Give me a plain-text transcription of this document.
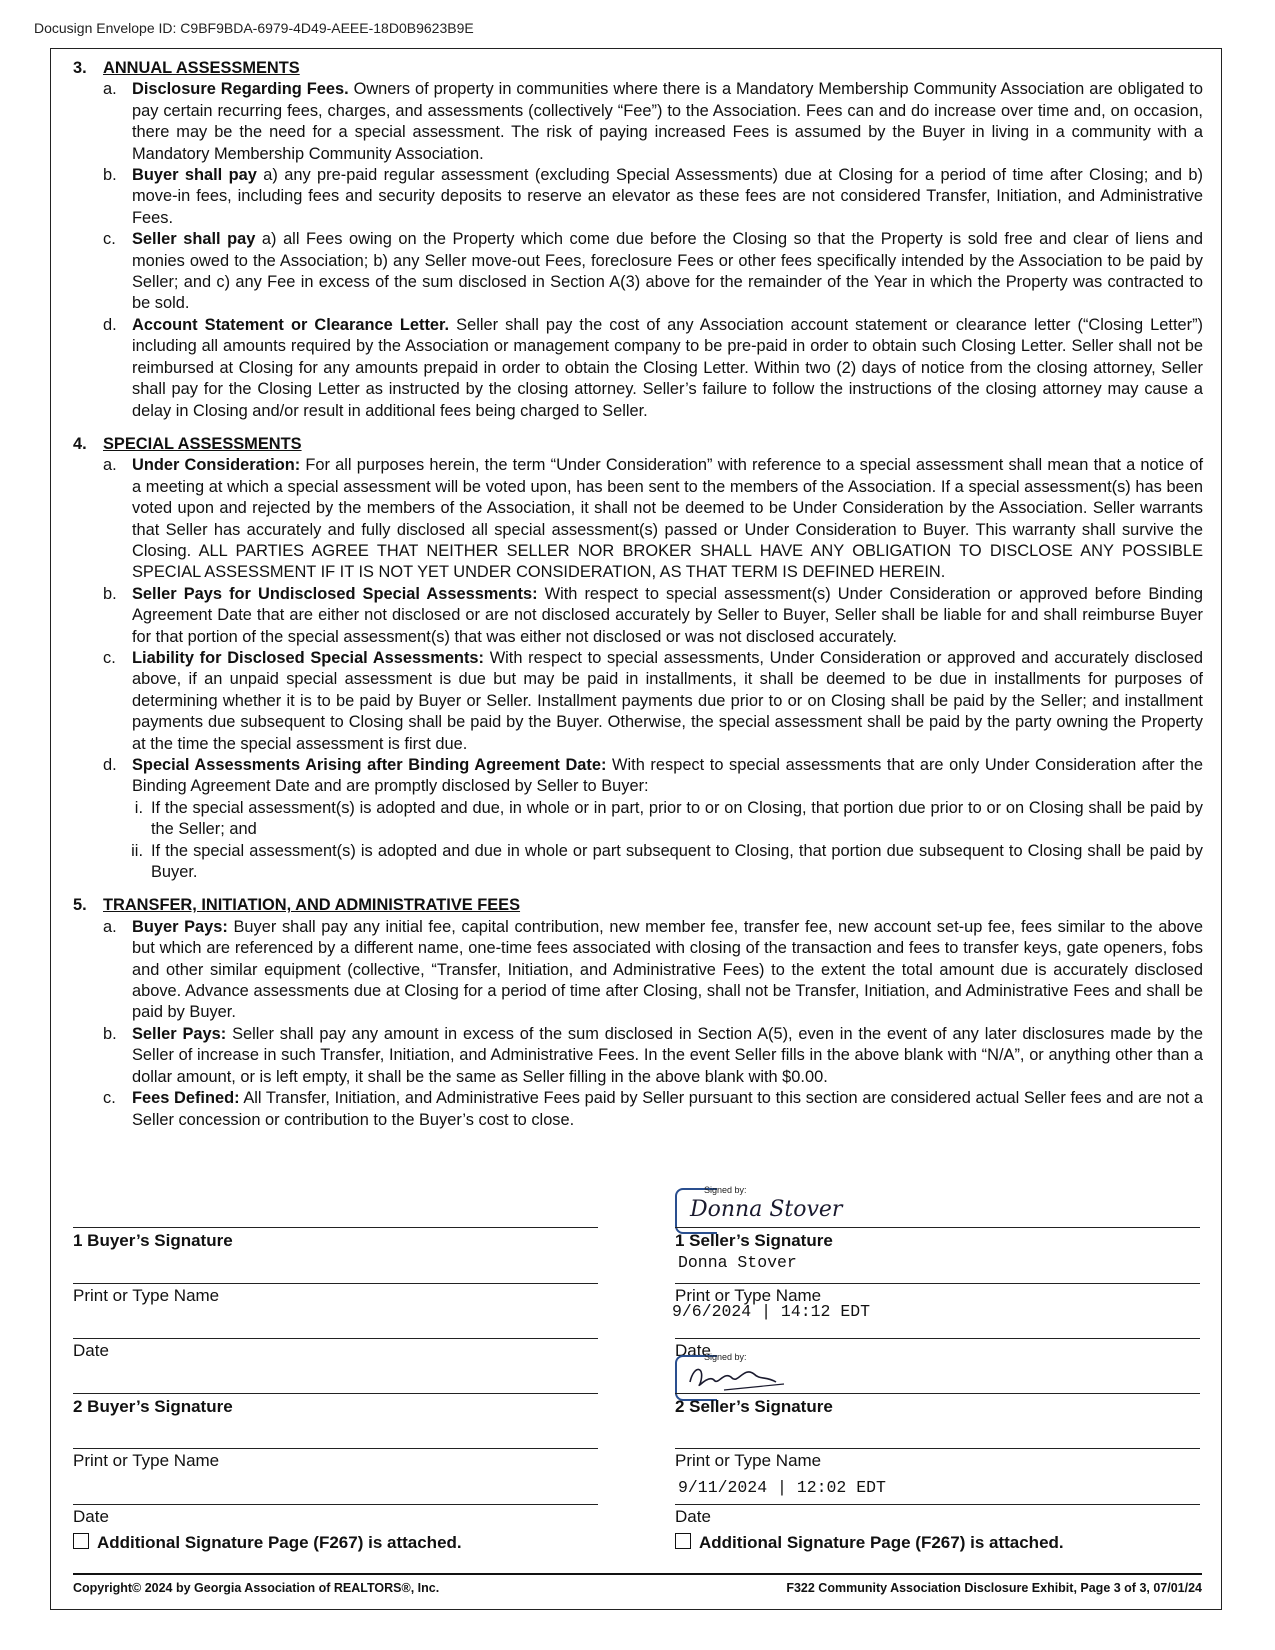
Docusign Envelope ID: C9BF9BDA-6979-4D49-AEEE-18D0B9623B9E
3. ANNUAL ASSESSMENTS
a. Disclosure Regarding Fees. Owners of property in communities where there is a Mandatory Membership Community Association are obligated to pay certain recurring fees, charges, and assessments (collectively “Fee”) to the Association. Fees can and do increase over time and, on occasion, there may be the need for a special assessment. The risk of paying increased Fees is assumed by the Buyer in living in a community with a Mandatory Membership Community Association.
b. Buyer shall pay a) any pre-paid regular assessment (excluding Special Assessments) due at Closing for a period of time after Closing; and b) move-in fees, including fees and security deposits to reserve an elevator as these fees are not considered Transfer, Initiation, and Administrative Fees.
c. Seller shall pay a) all Fees owing on the Property which come due before the Closing so that the Property is sold free and clear of liens and monies owed to the Association; b) any Seller move-out Fees, foreclosure Fees or other fees specifically intended by the Association to be paid by Seller; and c) any Fee in excess of the sum disclosed in Section A(3) above for the remainder of the Year in which the Property was contracted to be sold.
d. Account Statement or Clearance Letter. Seller shall pay the cost of any Association account statement or clearance letter (“Closing Letter”) including all amounts required by the Association or management company to be pre-paid in order to obtain such Closing Letter. Seller shall not be reimbursed at Closing for any amounts prepaid in order to obtain the Closing Letter. Within two (2) days of notice from the closing attorney, Seller shall pay for the Closing Letter as instructed by the closing attorney. Seller’s failure to follow the instructions of the closing attorney may cause a delay in Closing and/or result in additional fees being charged to Seller.
4. SPECIAL ASSESSMENTS
a. Under Consideration: For all purposes herein, the term “Under Consideration” with reference to a special assessment shall mean that a notice of a meeting at which a special assessment will be voted upon, has been sent to the members of the Association. If a special assessment(s) has been voted upon and rejected by the members of the Association, it shall not be deemed to be Under Consideration by the Association. Seller warrants that Seller has accurately and fully disclosed all special assessment(s) passed or Under Consideration to Buyer. This warranty shall survive the Closing. ALL PARTIES AGREE THAT NEITHER SELLER NOR BROKER SHALL HAVE ANY OBLIGATION TO DISCLOSE ANY POSSIBLE SPECIAL ASSESSMENT IF IT IS NOT YET UNDER CONSIDERATION, AS THAT TERM IS DEFINED HEREIN.
b. Seller Pays for Undisclosed Special Assessments: With respect to special assessment(s) Under Consideration or approved before Binding Agreement Date that are either not disclosed or are not disclosed accurately by Seller to Buyer, Seller shall be liable for and shall reimburse Buyer for that portion of the special assessment(s) that was either not disclosed or was not disclosed accurately.
c. Liability for Disclosed Special Assessments: With respect to special assessments, Under Consideration or approved and accurately disclosed above, if an unpaid special assessment is due but may be paid in installments, it shall be deemed to be due in installments for purposes of determining whether it is to be paid by Buyer or Seller. Installment payments due prior to or on Closing shall be paid by the Seller; and installment payments due subsequent to Closing shall be paid by the Buyer. Otherwise, the special assessment shall be paid by the party owning the Property at the time the special assessment is first due.
d. Special Assessments Arising after Binding Agreement Date: With respect to special assessments that are only Under Consideration after the Binding Agreement Date and are promptly disclosed by Seller to Buyer:
i. If the special assessment(s) is adopted and due, in whole or in part, prior to or on Closing, that portion due prior to or on Closing shall be paid by the Seller; and
ii. If the special assessment(s) is adopted and due in whole or part subsequent to Closing, that portion due subsequent to Closing shall be paid by Buyer.
5. TRANSFER, INITIATION, AND ADMINISTRATIVE FEES
a. Buyer Pays: Buyer shall pay any initial fee, capital contribution, new member fee, transfer fee, new account set-up fee, fees similar to the above but which are referenced by a different name, one-time fees associated with closing of the transaction and fees to transfer keys, gate openers, fobs and other similar equipment (collective, “Transfer, Initiation, and Administrative Fees) to the extent the total amount due is accurately disclosed above. Advance assessments due at Closing for a period of time after Closing, shall not be Transfer, Initiation, and Administrative Fees and shall be paid by Buyer.
b. Seller Pays: Seller shall pay any amount in excess of the sum disclosed in Section A(5), even in the event of any later disclosures made by the Seller of increase in such Transfer, Initiation, and Administrative Fees. In the event Seller fills in the above blank with “N/A”, or anything other than a dollar amount, or is left empty, it shall be the same as Seller filling in the above blank with $0.00.
c. Fees Defined: All Transfer, Initiation, and Administrative Fees paid by Seller pursuant to this section are considered actual Seller fees and are not a Seller concession or contribution to the Buyer’s cost to close.
1 Buyer’s Signature
Print or Type Name
Date
2 Buyer’s Signature
Print or Type Name
Date
Additional Signature Page (F267) is attached.
Signed by:
Donna Stover
1 Seller’s Signature
Donna Stover
Print or Type Name
9/6/2024 | 14:12 EDT
Date
Signed by:
2 Seller’s Signature
Print or Type Name
9/11/2024 | 12:02 EDT
Date
Additional Signature Page (F267) is attached.
Copyright© 2024 by Georgia Association of REALTORS®, Inc.	F322 Community Association Disclosure Exhibit, Page 3 of 3, 07/01/24
